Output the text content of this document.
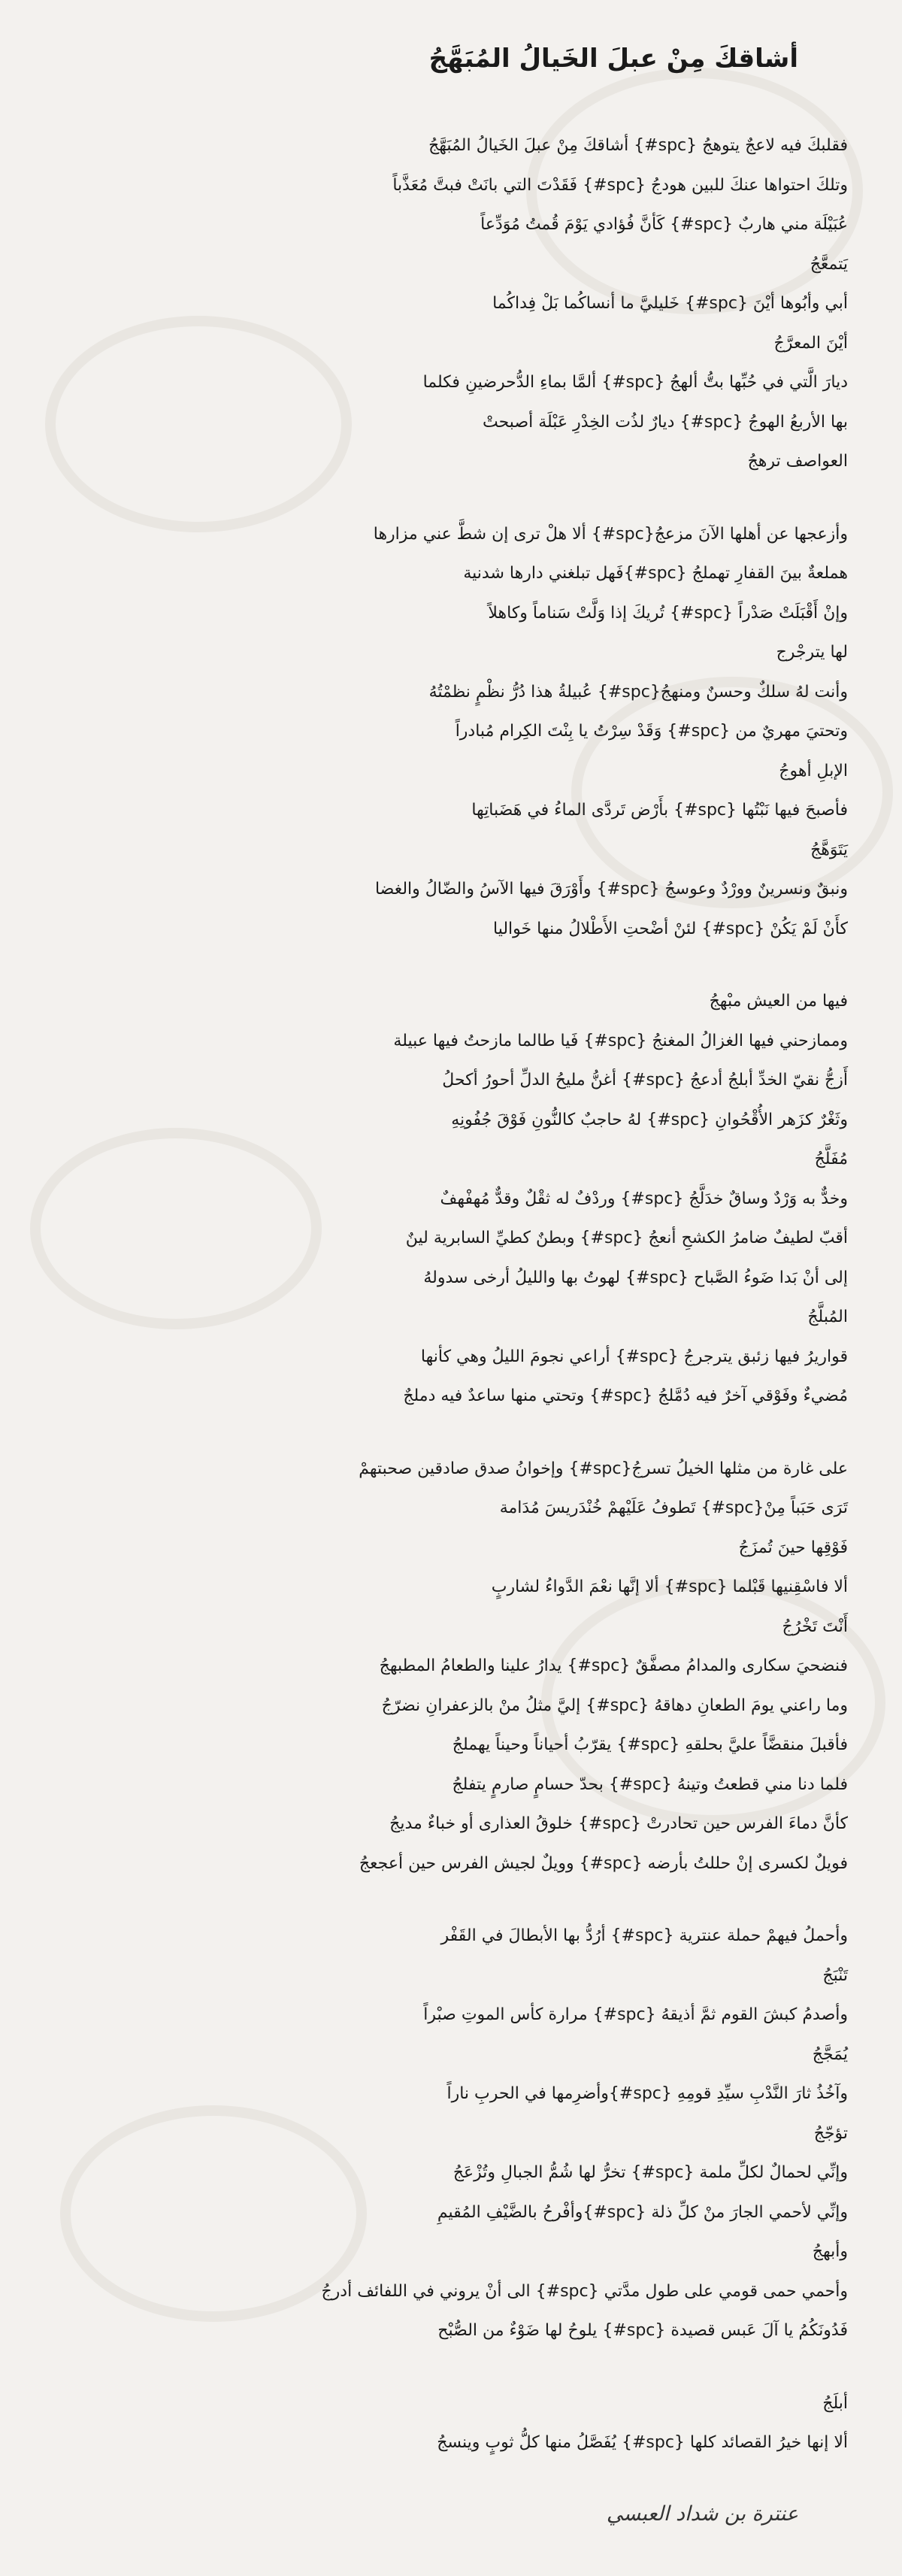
أشاقكَ مِنْ عبلَ الخَيالُ المُبَهَّجُ
فقلبكَ فيه لاعجٌ يتوهجُ {spc#} أشاقكَ مِنْ عبلَ الخَيالُ المُبَهَّجُ
وتلكَ احتواها عنكَ للبين هودجُ {spc#} فَقَدْتَ التي بانَتْ فبتَّ مُعَذَّباً
عُبَيْلَة مني هاربٌ {spc#} كَأنَّ فُؤادي يَوْمَ قُمتُ مُوَدِّعاً
يَتمعَّجُ
أبي وأبُوها أيْنَ {spc#} خَليليَّ ما أنساكُما بَلْ فِداكُما
أيْنَ المعرَّجُ
ديارَ الَّتي في حُبِّها بتُّ ألهجُ {spc#} ألمَّا بماءِ الدُّحرضينِ فكلما
بها الأربعُ الهوجُ {spc#} ديارٌ لذُت الخِدْرِ عَبْلَة أصبحتْ
العواصف ترهجُ
وأزعجها عن أهلها الآنَ مزعجُ{spc#} ألا هلْ ترى إن شطَّ عني مزارها
هملعةٌ بينَ القفارِ تهملجُ {spc#}فَهل تبلغني دارها شدنية
وإنْ أَقْبَلَتْ صَدْراً {spc#} تُريكَ إذا وَلَّتْ سَناماً وكاهلاً
لها يترجْرج
وأنت لهُ سلكٌ وحسنٌ ومنهجُ{spc#} عُبيلةُ هذا دُرُّ نظْمٍ نظمْتُهُ
وتحتيَ مهريٌ من {spc#} وَقَدْ سِرْتُ يا بِنْتَ الكِرام مُبادراً
الإبلِ أهوجُ
فأصبحَ فيها نَبْتُها {spc#} بأَرْض تَردَّى الماءُ في هَضَباتِها
يَتَوَهَّجُ
ونبقٌ ونسرينٌ وورْدٌ وعوسجُ {spc#} وأَوْرَقَ فيها الآسُ والضّالُ والغضا
كأَنْ لَمْ يَكُنْ {spc#} لئنْ أضْحتِ الأَطْلالُ منها خَواليا
فيها من العيش مبْهجُ
وممازحني فيها الغزالُ المغنجُ {spc#} فَيا طالما مازحتُ فيها عبيلة
أَزجُّ نقيّ الخدِّ أبلجُ أدعجُ {spc#} أغنُّ مليحُ الدلِّ أحورُ أكحلُ
وثَغْرٌ كزَهر الأُقْحُوانِ {spc#} لهُ حاجبٌ كالنُّونِ فَوْقَ جُفُونِهِ
مُفَلَّجُ
وخدٌّ به وَرْدٌ وساقٌ خدَلَّجُ {spc#} وردْفٌ له ثقْلٌ وقدٌّ مُهفْهفٌ
أقبّ لطيفٌ ضامرُ الكشحِ أنعجُ {spc#} وبطنٌ كطيِّ السابرية لينٌ
إلى أنْ بَدا ضَوءُ الصَّباح {spc#} لهوتُ بها والليلُ أرخى سدولهُ
المُبلَّجُ
قواريرُ فيها زئبق يترجرجُ {spc#} أراعي نجومَ الليلُ وهي كأنها
مُضيءٌ وفَوْقي آخرٌ فيه دُمَّلجُ {spc#} وتحتي منها ساعدٌ فيه دملجٌ
على غارة من مثلها الخيلُ تسرجُ{spc#} وإخوانُ صدق صادقين صحبتهمْ
تَرَى حَبَباً مِنْ{spc#} تَطوفُ عَلَيْهمْ خُنْدَريسَ مُدَامة
فَوْقِها حينَ تُمزَجُ
ألا فاسْقِنيها قَبْلما {spc#} ألا إنَّها نعْمَ الدَّواءُ لشاربٍ
أَنْتَ تَخْرُجُ
فنضحيَ سكارى والمدامُ مصفَّقٌ {spc#} يدارُ علينا والطعامُ المطبهجُ
وما راعني يومَ الطعانِ دهاقهُ {spc#} إليَّ مثلُ منْ بالزعفرانِ نضرّجُ
فأقبلَ منقضَّاً عليَّ بحلقهِ {spc#} يقرّبُ أحياناً وحيناً يهملجُ
فلما دنا مني قطعتُ وتينهُ {spc#} بحدّ حسامٍ صارمٍ يتفلجُ
كأنَّ دماءَ الفرس حين تحادرتْ {spc#} خلوقُ العذارى أو خباءٌ مديجُ
فويلٌ لكسرى إنْ حللتُ بأرضه {spc#} وويلٌ لجيش الفرس حين أعجعجُ
وأحملُ فيهمْ حملة عنترية {spc#} أرُدُّ بها الأبطالَ في القَفْر
تَنْبَجُ
وأصدمُ كبشَ القوم ثمَّ أذيقهُ {spc#} مرارة كأس الموتِ صبْراً
يُمَجَّجُ
وآخُذُ ثارَ النَّدْبِ سيِّدِ قومِهِ {spc#}وأضرِمها في الحربِ ناراً
تؤجّجُ
وإنِّي لحمالٌ لكلِّ ملمة {spc#} تخرُّ لها شُمُّ الجبالِ وتُزْعَجُ
وإنِّي لأحمي الجارَ منْ كلِّ ذلة {spc#}وأفْرحُ بالضَّيْفِ المُقيمِ
وأبهجُ
وأحمي حمى قومي على طول مدَّتي {spc#} الى أنْ يروني في اللفائف أدرجُ
فَدُونَكُمُ يا آلَ عَبس قصيدة {spc#} يلوحُ لها ضَوْءٌ من الصُّبْح
أبلَجُ
ألا إنها خيرُ القصائد كلها {spc#} يُفَصَّلُ منها كلُّ ثوبٍ وينسجُ
عنترة بن شداد العبسي
